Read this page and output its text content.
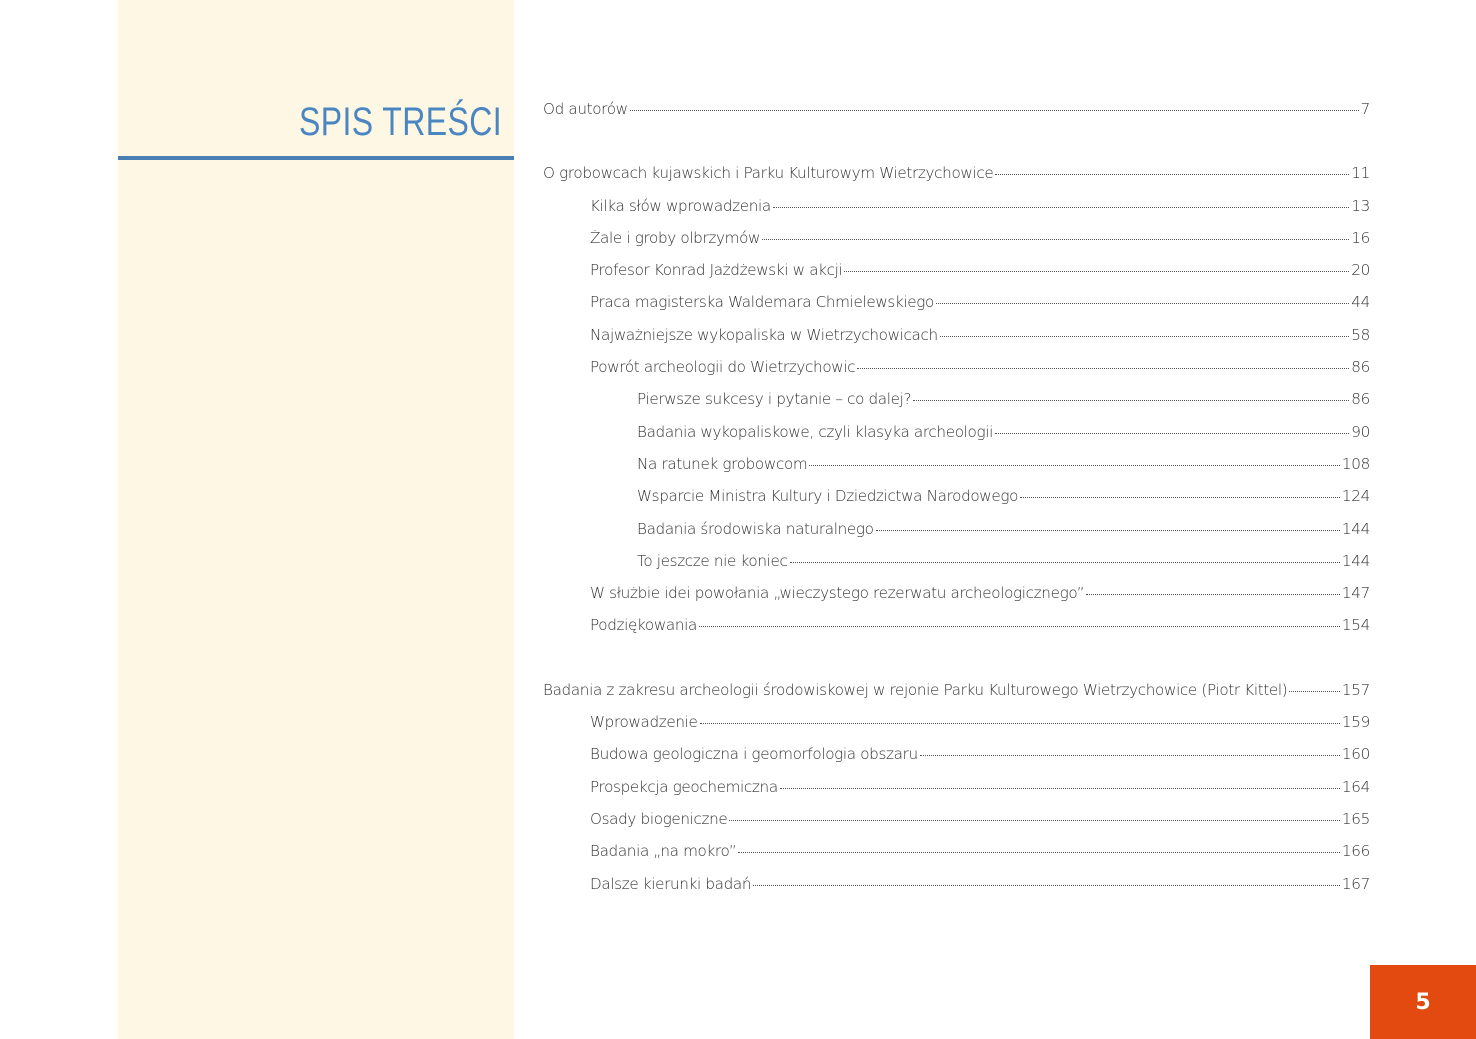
SPIS TREŚCI	Od autorów	7
O grobowcach kujawskich i Parku Kulturowym Wietrzychowice	11
Kilka słów wprowadzenia	13
Żale i groby olbrzymów	16
Profesor Konrad Jażdżewski w akcji	20
Praca magisterska Waldemara Chmielewskiego	44
Najważniejsze wykopaliska w Wietrzychowicach	58
Powrót archeologii do Wietrzychowic	86
Pierwsze sukcesy i pytanie – co dalej?	86
Badania wykopaliskowe, czyli klasyka archeologii	90
Na ratunek grobowcom	108
Wsparcie Ministra Kultury i Dziedzictwa Narodowego	124
Badania środowiska naturalnego	144
To jeszcze nie koniec	144
W służbie idei powołania „wieczystego rezerwatu archeologicznego”	147
Podziękowania	154
Badania z zakresu archeologii środowiskowej w rejonie Parku Kulturowego Wietrzychowice (Piotr Kittel)	157
Wprowadzenie	159
Budowa geologiczna i geomorfologia obszaru	160
Prospekcja geochemiczna	164
Osady biogeniczne	165
Badania „na mokro”	166
Dalsze kierunki badań	167
5
